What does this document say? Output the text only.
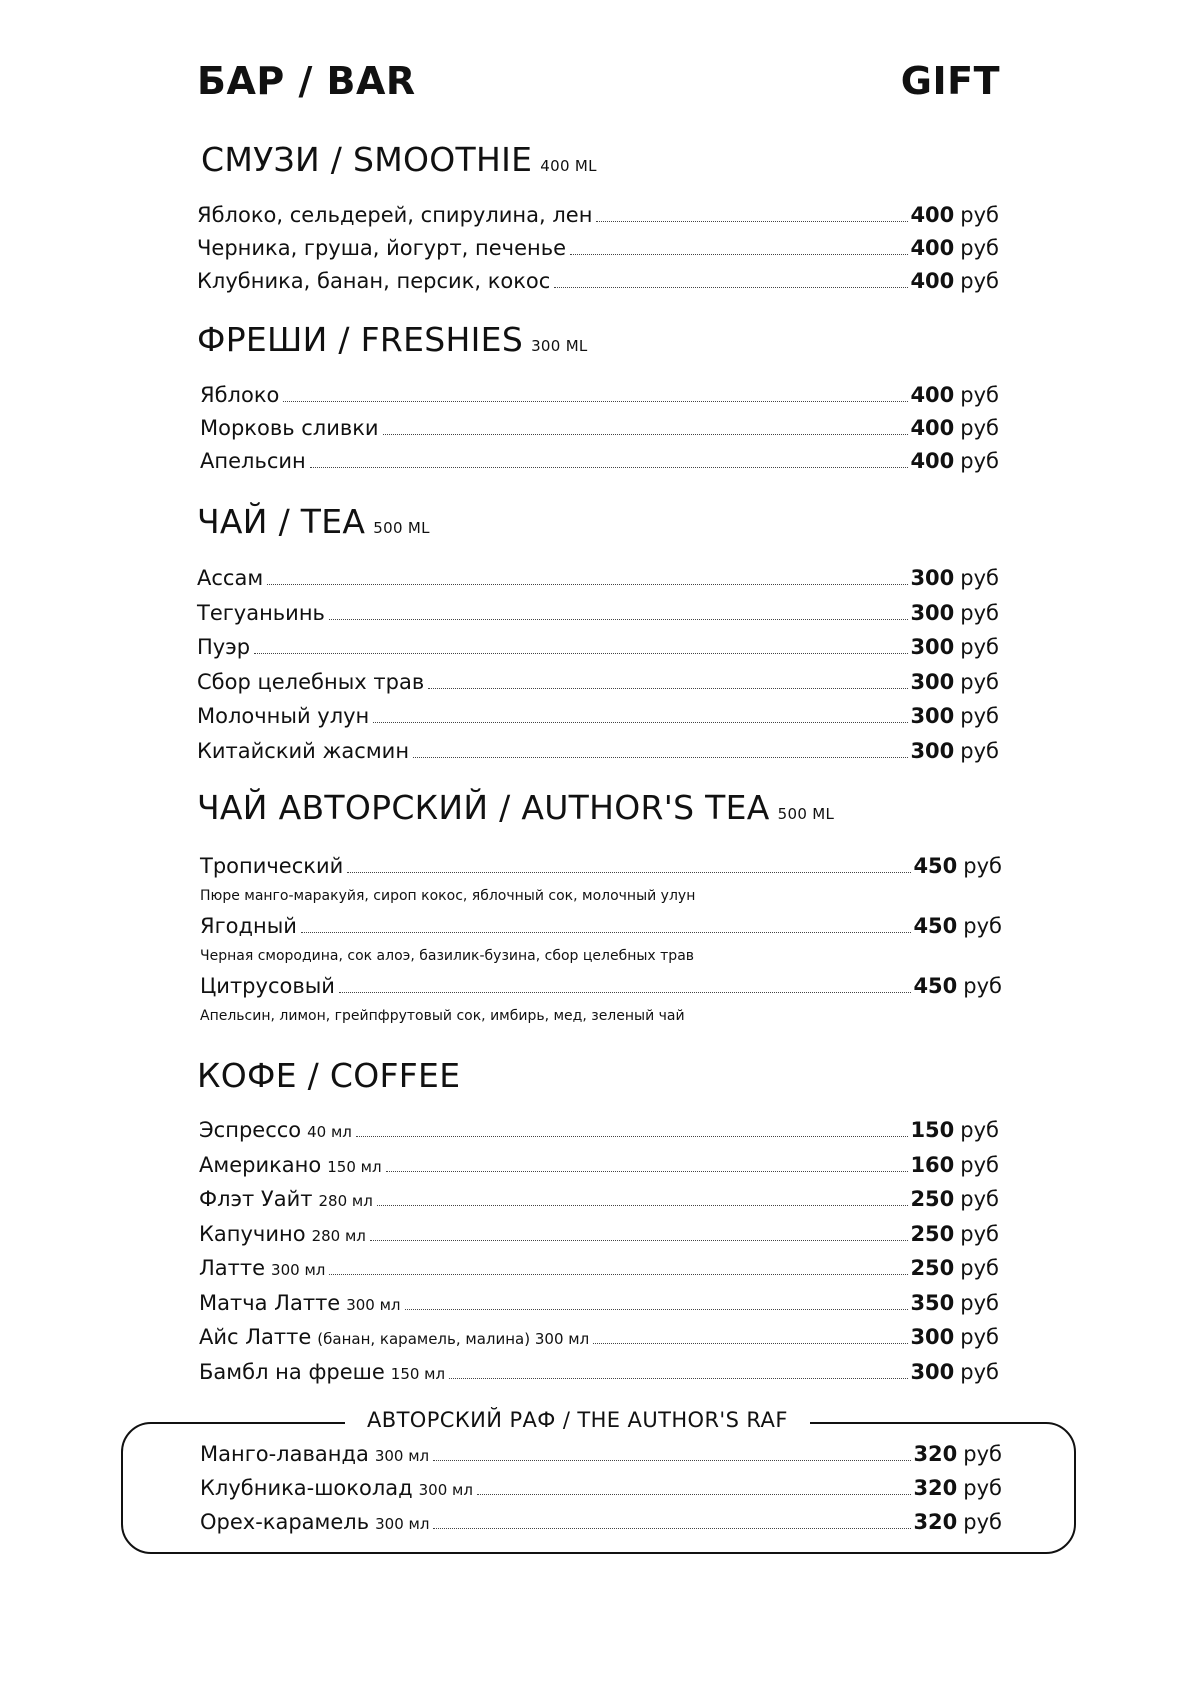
БАР / BAR	GIFT
СМУЗИ / SMOOTHIE 400 ML
Яблоко, сельдерей, спирулина, лен	400 руб
Черника, груша, йогурт, печенье	400 руб
Клубника, банан, персик, кокос	400 руб
ФРЕШИ / FRESHIES 300 ML
Яблоко	400 руб
Морковь сливки	400 руб
Апельсин	400 руб
ЧАЙ / TEA 500 ML
Ассам	300 руб
Тегуаньинь	300 руб
Пуэр	300 руб
Сбор целебных трав	300 руб
Молочный улун	300 руб
Китайский жасмин	300 руб
ЧАЙ АВТОРСКИЙ / AUTHOR'S TEA 500 ML
Тропический	450 руб
Пюре манго-маракуйя, сироп кокос, яблочный сок, молочный улун
Ягодный	450 руб
Черная смородина, сок алоэ, базилик-бузина, сбор целебных трав
Цитрусовый	450 руб
Апельсин, лимон, грейпфрутовый сок, имбирь, мед, зеленый чай
КОФЕ / COFFEE
Эспрессо 40 мл	150 руб
Американо 150 мл	160 руб
Флэт Уайт 280 мл	250 руб
Капучино 280 мл	250 руб
Латте 300 мл	250 руб
Матча Латте 300 мл	350 руб
Айс Латте (банан, карамель, малина) 300 мл	300 руб
Бамбл на фреше 150 мл	300 руб
АВТОРСКИЙ РАФ / THE AUTHOR'S RAF
Манго-лаванда 300 мл	320 руб
Клубника-шоколад 300 мл	320 руб
Орех-карамель 300 мл	320 руб
